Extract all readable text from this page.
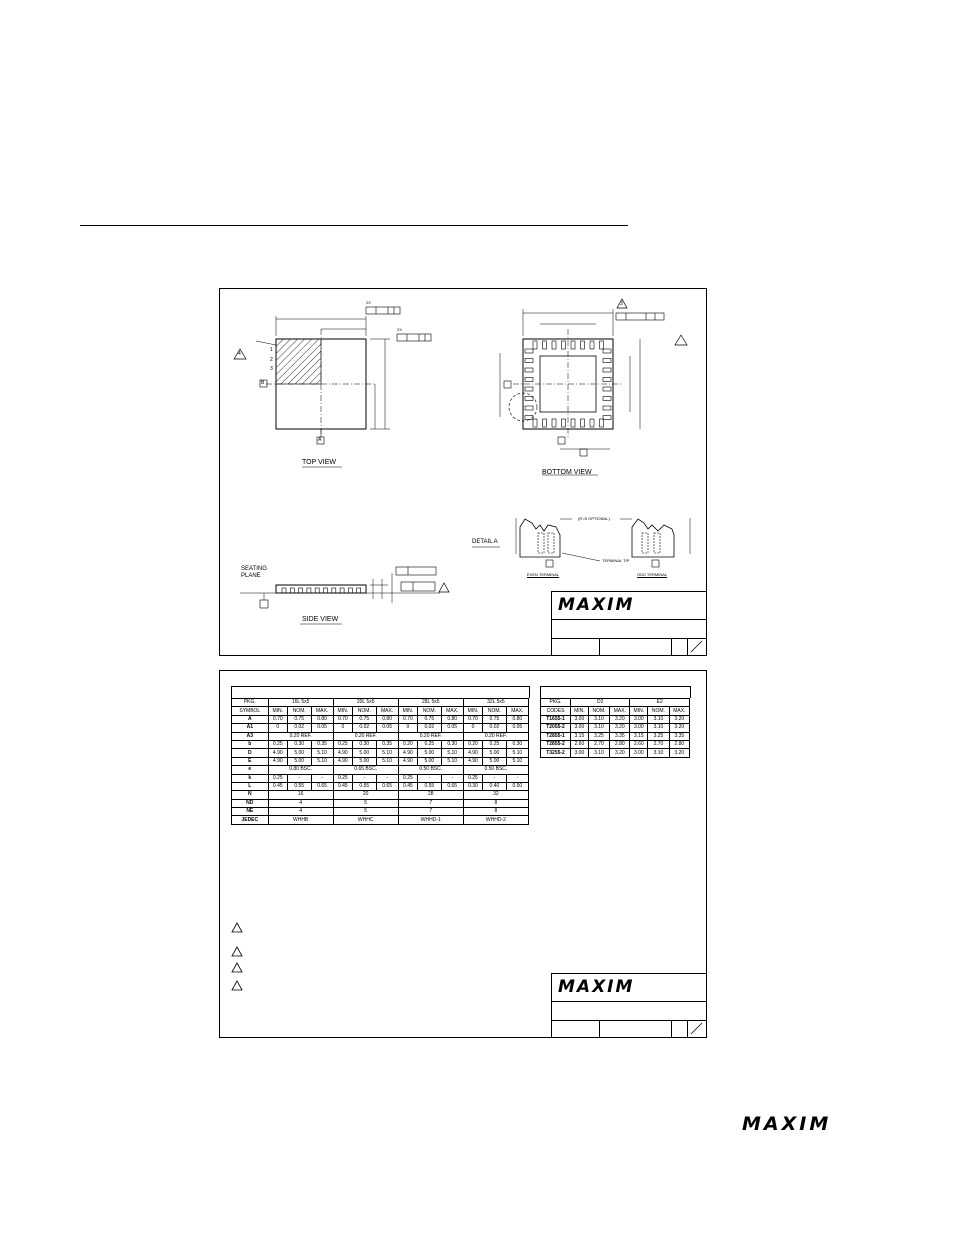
TOP VIEW
BOTTOM VIEW
SIDE VIEW
DETAIL A
SEATING
PLANE
(R IS OPTIONAL)
TERMINAL TIP
EVEN TERMINAL	ODD TERMINAL
A
B
1
2
3
4
3
2X
2X
MAXIM
PKG.	16L 5x5			20L 5x5			28L 5x5			32L 5x5		
SYMBOL	MIN.	NOM.	MAX.	MIN.	NOM.	MAX.	MIN.	NOM.	MAX.	MIN.	NOM.	MAX.
A	0.70	0.75	0.80	0.70	0.75	0.80	0.70	0.75	0.80	0.70	0.75	0.80
A1	0	0.02	0.05	0	0.02	0.05	0	0.02	0.05	0	0.02	0.05
A3	0.20 REF.			0.20 REF.			0.20 REF.			0.20 REF.		
b	0.25	0.30	0.35	0.25	0.30	0.35	0.20	0.25	0.30	0.20	0.25	0.30
D	4.90	5.00	5.10	4.90	5.00	5.10	4.90	5.00	5.10	4.90	5.00	5.10
E	4.90	5.00	5.10	4.90	5.00	5.10	4.90	5.00	5.10	4.90	5.00	5.10
e	0.80 BSC.			0.65 BSC.			0.50 BSC.			0.50 BSC.		
k	0.25	-	-	0.25	-	-	0.25	-	-	0.25	-	-
L	0.45	0.55	0.65	0.45	0.55	0.65	0.45	0.55	0.65	0.30	0.40	0.50
N	16			20			28			32		
ND	4			5			7			8		
NE	4			5			7			8		
JEDEC	WHHB			WHHC			WHHD-1			WHHD-2		
PKG.	D2			E2		
CODES	MIN.	NOM.	MAX.	MIN.	NOM.	MAX.
T1655-1	3.00	3.10	3.20	3.00	3.10	3.20
T2055-2	3.00	3.10	3.20	3.00	3.10	3.20
T2855-1	3.15	3.25	3.35	3.15	3.25	3.35
T2855-2	2.60	2.70	2.80	2.60	2.70	2.80
T3255-2	3.00	3.10	3.20	3.00	3.10	3.20
MAXIM
MAXIM
